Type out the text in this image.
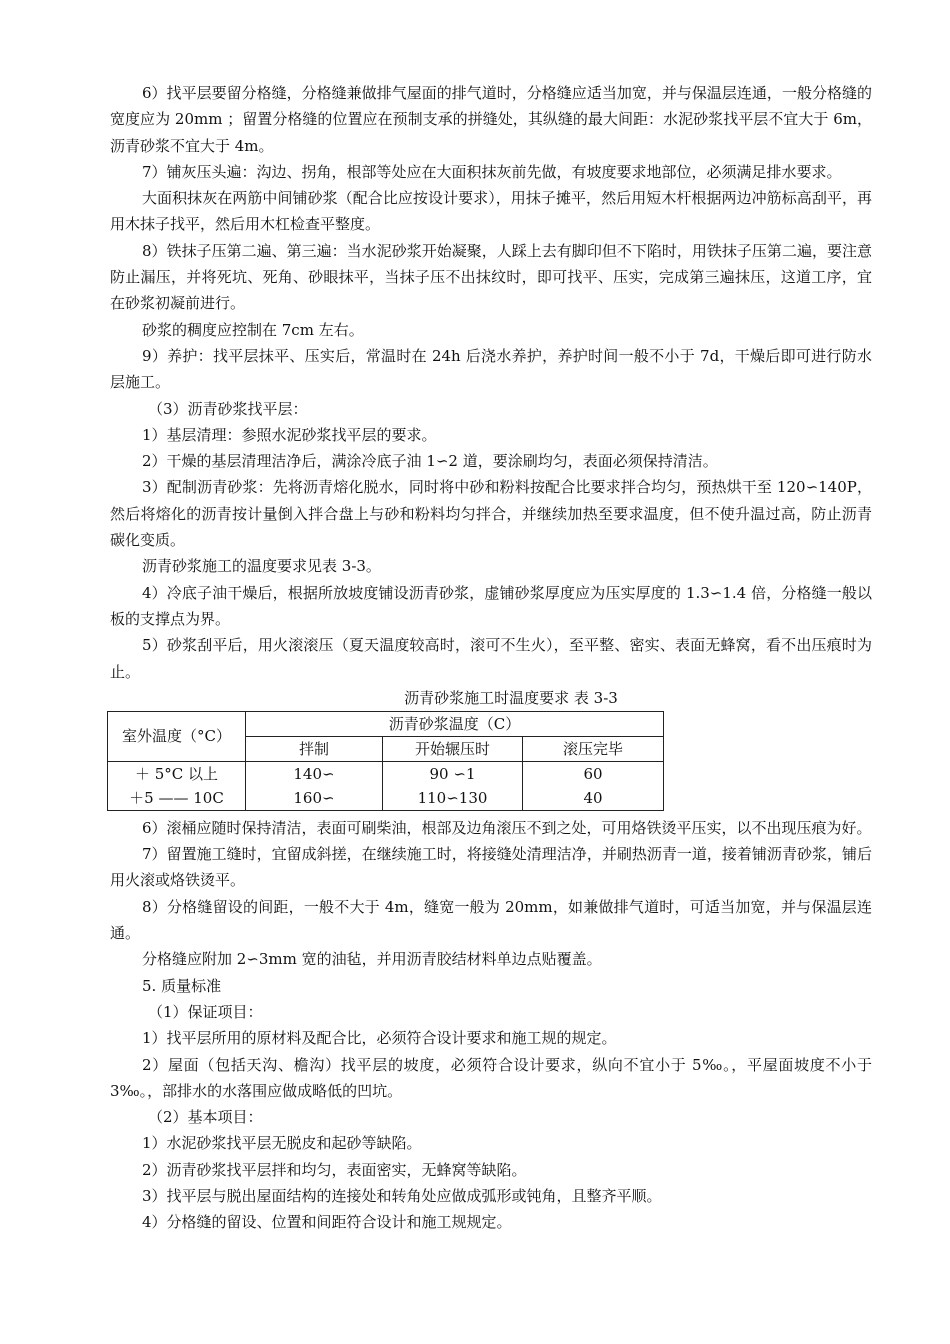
6）找平层要留分格缝，分格缝兼做排气屋面的排气道时，分格缝应适当加宽，并与保温层连通，一般分格缝的宽度应为 20mm ；留置分格缝的位置应在预制支承的拼缝处，其纵缝的最大间距：水泥砂浆找平层不宜大于 6m，沥青砂浆不宜大于 4m。

7）铺灰压头遍：沟边、拐角，根部等处应在大面积抹灰前先做，有坡度要求地部位，必须满足排水要求。

大面积抹灰在两筋中间铺砂浆（配合比应按设计要求），用抹子摊平，然后用短木杆根据两边冲筋标高刮平，再用木抹子找平，然后用木杠检查平整度。

8）铁抹子压第二遍、第三遍：当水泥砂浆开始凝聚，人踩上去有脚印但不下陷时，用铁抹子压第二遍，要注意防止漏压，并将死坑、死角、砂眼抹平，当抹子压不出抹纹时，即可找平、压实，完成第三遍抹压，这道工序，宜在砂浆初凝前进行。

砂浆的稠度应控制在 7cm 左右。

9）养护：找平层抹平、压实后，常温时在 24h 后浇水养护，养护时间一般不小于 7d，干燥后即可进行防水层施工。

（3）沥青砂浆找平层：

1）基层清理：参照水泥砂浆找平层的要求。

2）干燥的基层清理洁净后，满涂冷底子油 1∽2 道，要涂刷均匀，表面必须保持清洁。

3）配制沥青砂浆：先将沥青熔化脱水，同时将中砂和粉料按配合比要求拌合均匀，预热烘干至 120∽140P，然后将熔化的沥青按计量倒入拌合盘上与砂和粉料均匀拌合，并继续加热至要求温度，但不使升温过高，防止沥青碳化变质。

沥青砂浆施工的温度要求见表 3-3。

4）冷底子油干燥后，根据所放坡度铺设沥青砂浆，虚铺砂浆厚度应为压实厚度的 1.3∽1.4 倍，分格缝一般以板的支撑点为界。

5）砂浆刮平后，用火滚滚压（夏天温度较高时，滚可不生火），至平整、密实、表面无蜂窝，看不出压痕时为止。

沥青砂浆施工时温度要求 表 3-3

室外温度（°C）	沥青砂浆温度（C）		
	拌制	开始辗压时	滚压完毕
＋ 5°C 以上	140∽	90 ∽1	60
＋5 —— 10C	160∽	110∽130	40

6）滚桶应随时保持清洁，表面可刷柴油，根部及边角滚压不到之处，可用烙铁烫平压实，以不出现压痕为好。

7）留置施工缝时，宜留成斜搓，在继续施工时，将接缝处清理洁净，并刷热沥青一道，接着铺沥青砂浆，铺后用火滚或烙铁烫平。

8）分格缝留设的间距，一般不大于 4m，缝宽一般为 20mm，如兼做排气道时，可适当加宽，并与保温层连通。

分格缝应附加 2∽3mm 宽的油毡，并用沥青胶结材料单边点贴覆盖。

5. 质量标准

（1）保证项目：

1）找平层所用的原材料及配合比，必须符合设计要求和施工规的规定。

2）屋面（包括天沟、檐沟）找平层的坡度，必须符合设计要求，纵向不宜小于 5‰。，平屋面坡度不小于 3‰。，部排水的水落围应做成略低的凹坑。

（2）基本项目：

1）水泥砂浆找平层无脱皮和起砂等缺陷。

2）沥青砂浆找平层拌和均匀，表面密实，无蜂窝等缺陷。

3）找平层与脱出屋面结构的连接处和转角处应做成弧形或钝角，且整齐平顺。

4）分格缝的留设、位置和间距符合设计和施工规规定。
